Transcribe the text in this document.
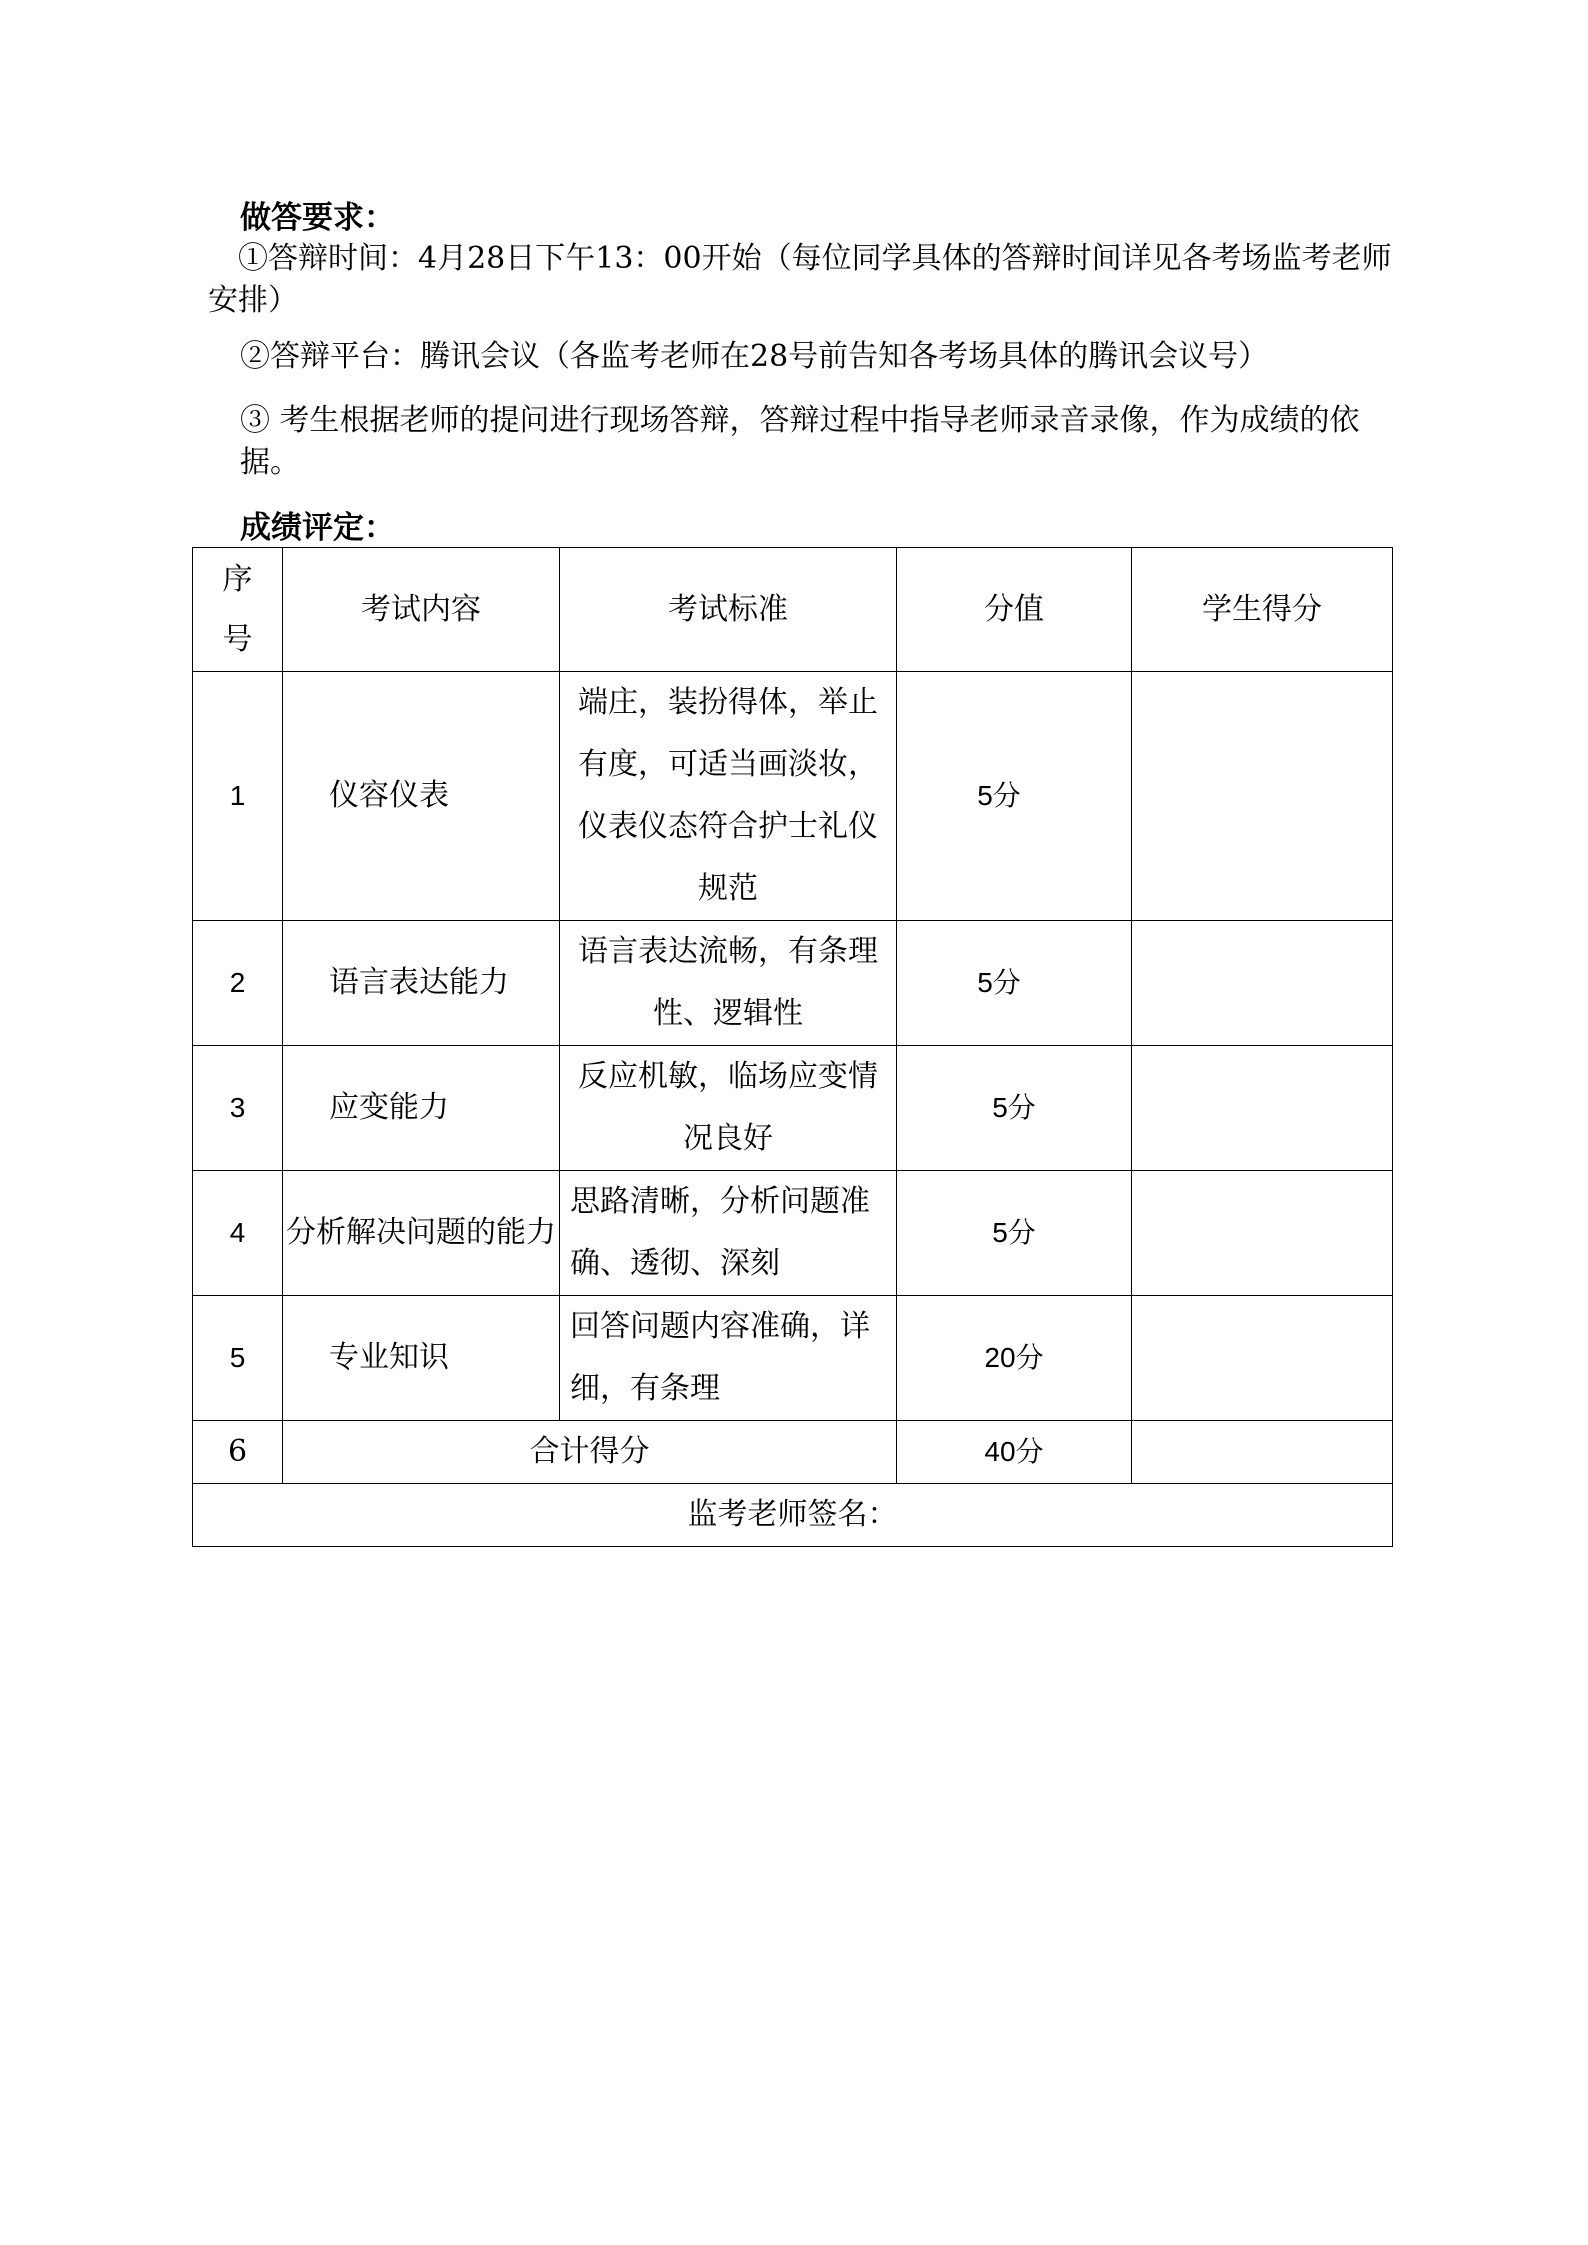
做答要求：
①答辩时间：4月28日下午13：00开始（每位同学具体的答辩时间详见各考场监考老师安排）
②答辩平台：腾讯会议（各监考老师在28号前告知各考场具体的腾讯会议号）
③ 考生根据老师的提问进行现场答辩，答辩过程中指导老师录音录像，作为成绩的依据。
成绩评定：
序号	考试内容	考试标准	分值	学生得分
1	仪容仪表	端庄，装扮得体，举止有度，可适当画淡妆，仪表仪态符合护士礼仪规范	5分	
2	语言表达能力	语言表达流畅，有条理性、逻辑性	5分	
3	应变能力	反应机敏，临场应变情况良好	5分	
4	分析解决问题的能力	思路清晰，分析问题准确、透彻、深刻	5分	
5	专业知识	回答问题内容准确，详细，有条理	20分	
6	合计得分		40分	
监考老师签名：				
